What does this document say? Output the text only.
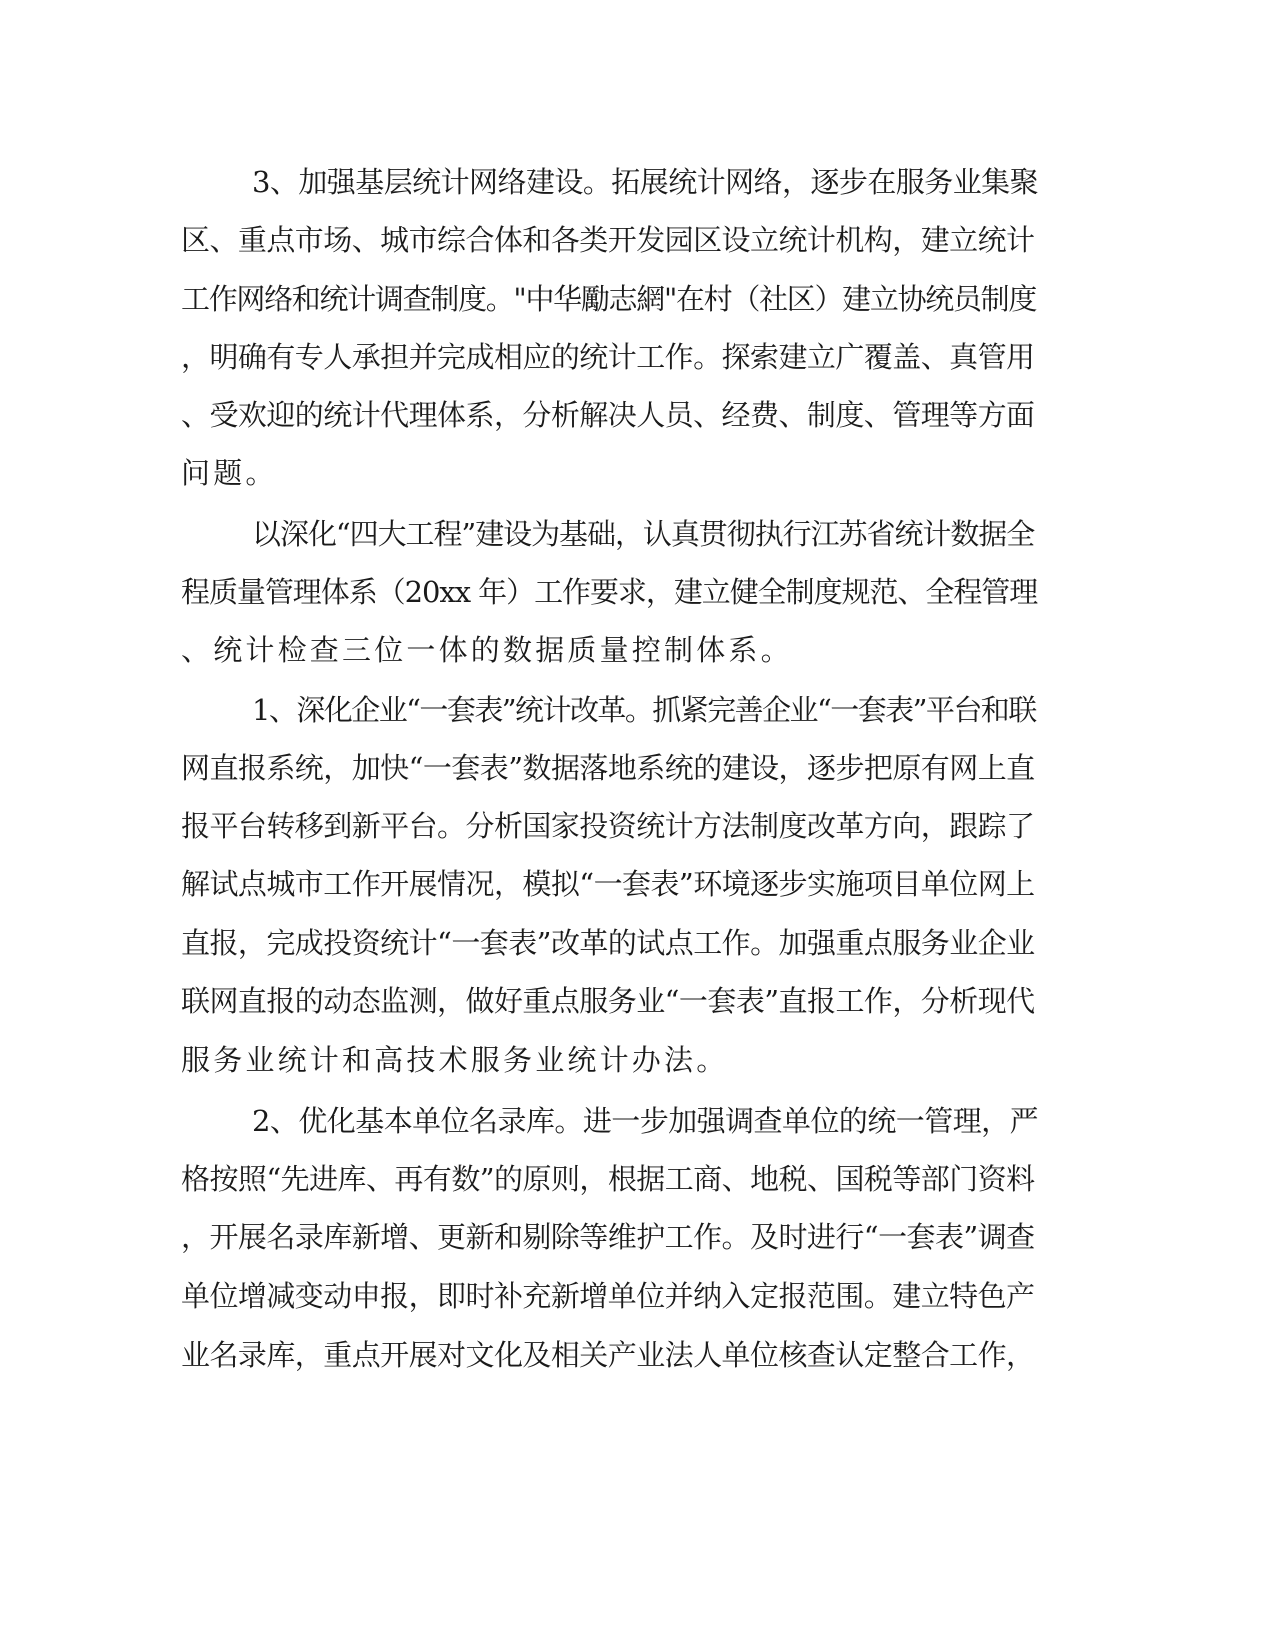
3、加强基层统计网络建设。拓展统计网络，逐步在服务业集聚

区、重点市场、城市综合体和各类开发园区设立统计机构，建立统计

工作网络和统计调查制度。"中华勵志網"在村（社区）建立协统员制度

，明确有专人承担并完成相应的统计工作。探索建立广覆盖、真管用

、受欢迎的统计代理体系，分析解决人员、经费、制度、管理等方面

问题。

以深化“四大工程”建设为基础，认真贯彻执行江苏省统计数据全

程质量管理体系（20xx 年）工作要求，建立健全制度规范、全程管理

、统计检查三位一体的数据质量控制体系。

1、深化企业“一套表”统计改革。抓紧完善企业“一套表”平台和联

网直报系统，加快“一套表”数据落地系统的建设，逐步把原有网上直

报平台转移到新平台。分析国家投资统计方法制度改革方向，跟踪了

解试点城市工作开展情况，模拟“一套表”环境逐步实施项目单位网上

直报，完成投资统计“一套表”改革的试点工作。加强重点服务业企业

联网直报的动态监测，做好重点服务业“一套表”直报工作，分析现代

服务业统计和高技术服务业统计办法。

2、优化基本单位名录库。进一步加强调查单位的统一管理，严

格按照“先进库、再有数”的原则，根据工商、地税、国税等部门资料

，开展名录库新增、更新和剔除等维护工作。及时进行“一套表”调查

单位增减变动申报，即时补充新增单位并纳入定报范围。建立特色产

业名录库，重点开展对文化及相关产业法人单位核查认定整合工作，
